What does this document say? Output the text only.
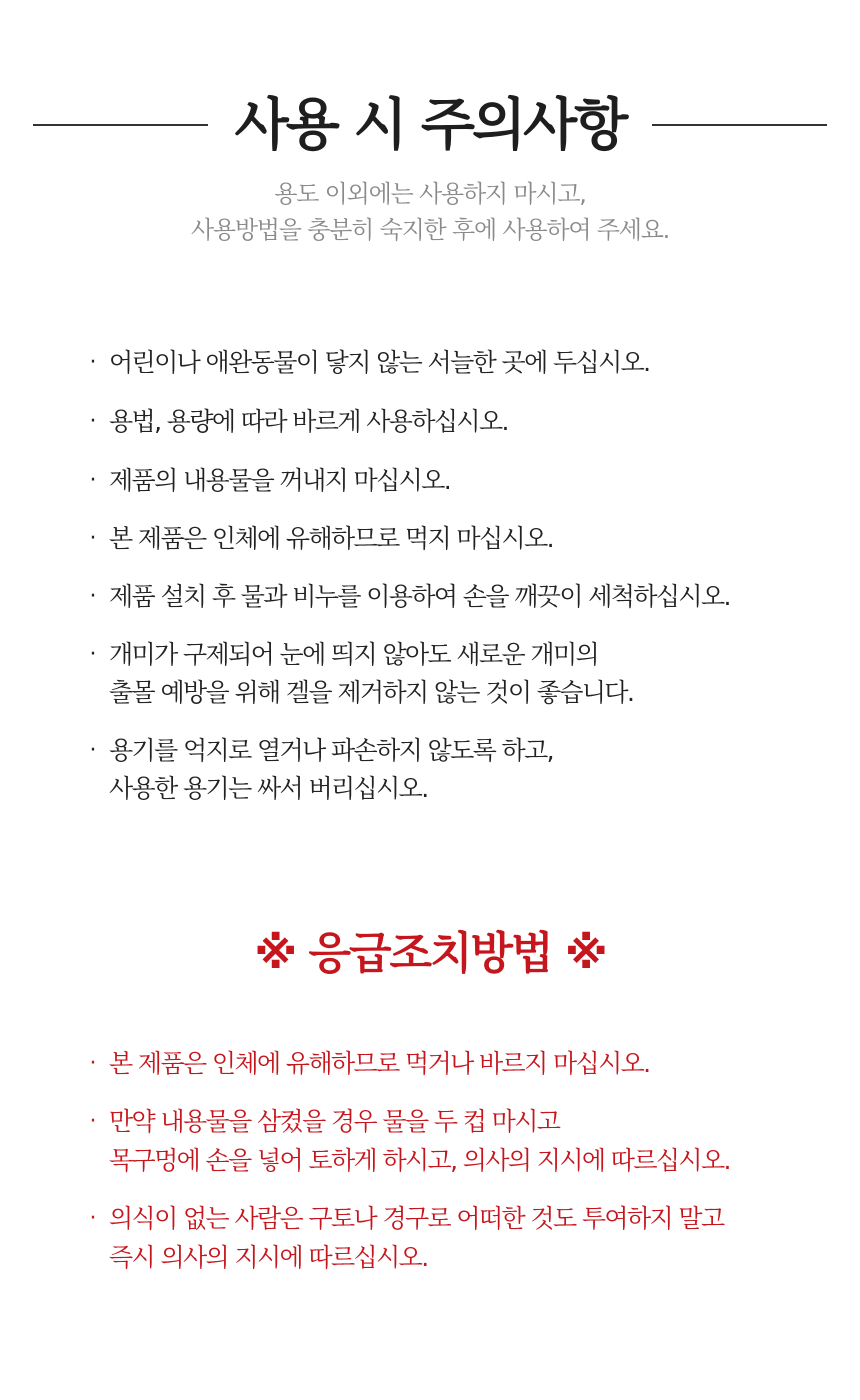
사용 시 주의사항
용도 이외에는 사용하지 마시고,
사용방법을 충분히 숙지한 후에 사용하여 주세요.
· 어린이나 애완동물이 닿지 않는 서늘한 곳에 두십시오.
· 용법, 용량에 따라 바르게 사용하십시오.
· 제품의 내용물을 꺼내지 마십시오.
· 본 제품은 인체에 유해하므로 먹지 마십시오.
· 제품 설치 후 물과 비누를 이용하여 손을 깨끗이 세척하십시오.
· 개미가 구제되어 눈에 띄지 않아도 새로운 개미의
출몰 예방을 위해 겔을 제거하지 않는 것이 좋습니다.
· 용기를 억지로 열거나 파손하지 않도록 하고,
사용한 용기는 싸서 버리십시오.
※ 응급조치방법 ※
· 본 제품은 인체에 유해하므로 먹거나 바르지 마십시오.
· 만약 내용물을 삼켰을 경우 물을 두 컵 마시고
목구멍에 손을 넣어 토하게 하시고, 의사의 지시에 따르십시오.
· 의식이 없는 사람은 구토나 경구로 어떠한 것도 투여하지 말고
즉시 의사의 지시에 따르십시오.
